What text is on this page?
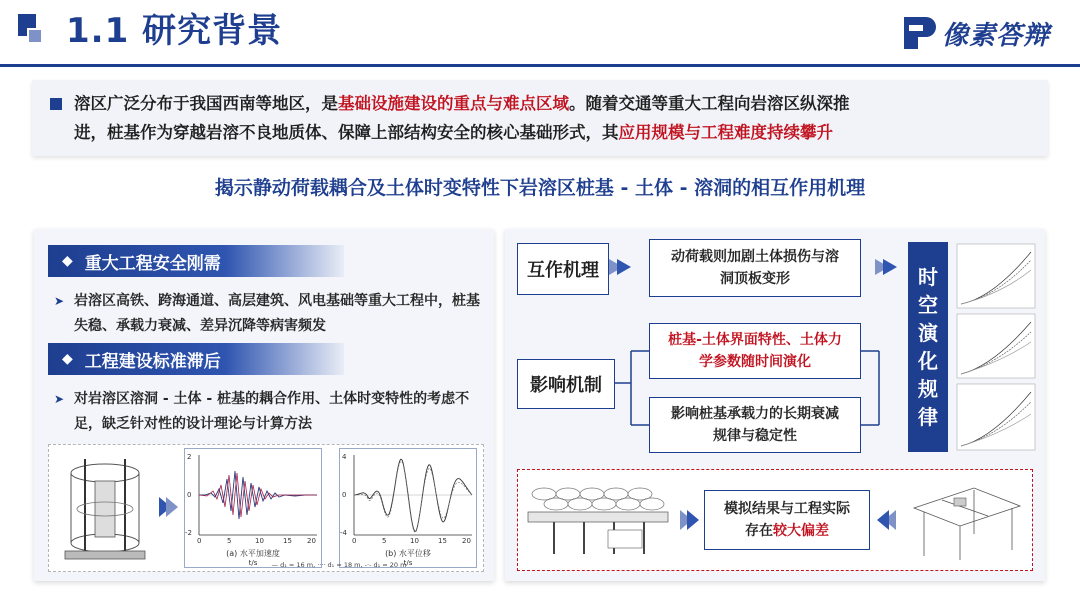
1.1 研究背景	像素答辩
溶区广泛分布于我国西南等地区，是基础设施建设的重点与难点区域。随着交通等重大工程向岩溶区纵深推
进，桩基作为穿越岩溶不良地质体、保障上部结构安全的核心基础形式，其应用规模与工程难度持续攀升
揭示静动荷载耦合及土体时变特性下岩溶区桩基 - 土体 - 溶洞的相互作用机理
◆ 重大工程安全刚需
➤ 岩溶区高铁、跨海通道、高层建筑、风电基础等重大工程中，桩基失稳、承载力衰减、差异沉降等病害频发
◆ 工程建设标准滞后
➤ 对岩溶区溶洞 - 土体 - 桩基的耦合作用、土体时变特性的考虑不足，缺乏针对性的设计理论与计算方法
2
0
-2
0	5	10	15 20
(a) 水平加速度
t/s
4
0
-4
0	5	10	15 20
(b) 水平位移
t/s
— d₁ = 16 m, ···· d₁ = 18 m, -·- d₁ = 20 m
互作机理
动荷载则加剧土体损伤与溶洞顶板变形
影响机制
桩基-土体界面特性、土体力学参数随时间演化
影响桩基承载力的长期衰减规律与稳定性
时
空
演
化
规
律
模拟结果与工程实际
存在较大偏差
